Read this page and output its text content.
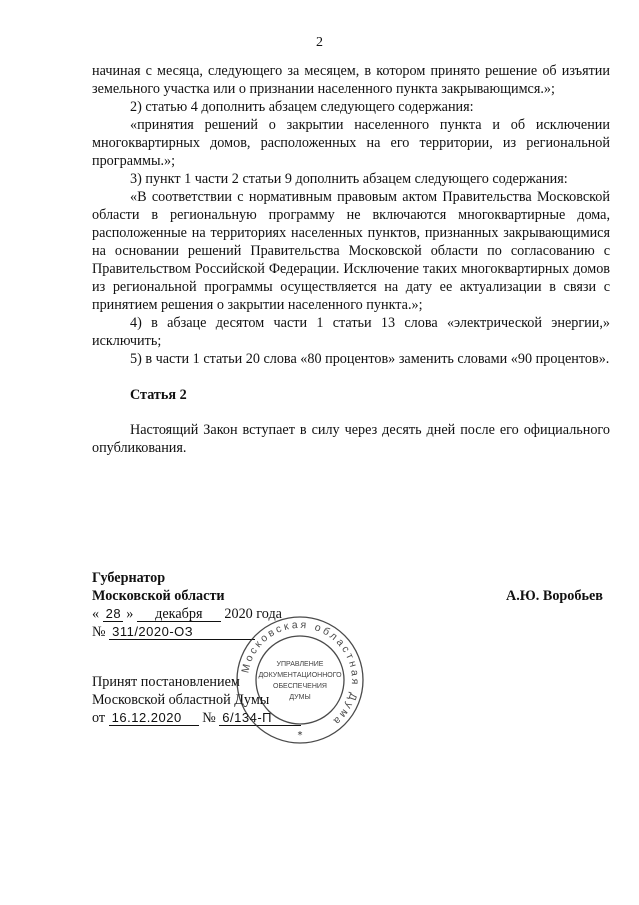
2

начиная с месяца, следующего за месяцем, в котором принято решение об изъятии земельного участка или о признании населенного пункта закрывающимся.»;

2) статью 4 дополнить абзацем следующего содержания:

«принятия решений о закрытии населенного пункта и об исключении многоквартирных домов, расположенных на его территории, из региональной программы.»;

3) пункт 1 части 2 статьи 9 дополнить абзацем следующего содержания:

«В соответствии с нормативным правовым актом Правительства Московской области в региональную программу не включаются многоквартирные дома, расположенные на территориях населенных пунктов, признанных закрывающимися на основании решений Правительства Московской области по согласованию с Правительством Российской Федерации. Исключение таких многоквартирных домов из региональной программы осуществляется на дату ее актуализации в связи с принятием решения о закрытии населенного пункта.»;

4) в абзаце десятом части 1 статьи 13 слова «электрической энергии,» исключить;

5) в части 1 статьи 20 слова «80 процентов» заменить словами «90 процентов».

Статья 2

Настоящий Закон вступает в силу через десять дней после его официального опубликования.

Губернатор
Московской области	А.Ю. Воробьев
« 28 » декабря 2020 года
№ 311/2020-ОЗ
Принят постановлением
Московской областной Думы
от 16.12.2020 № 6/134-П
Московская областная Дума
УПРАВЛЕНИЕ
ДОКУМЕНТАЦИОННОГО
ОБЕСПЕЧЕНИЯ
ДУМЫ
*
